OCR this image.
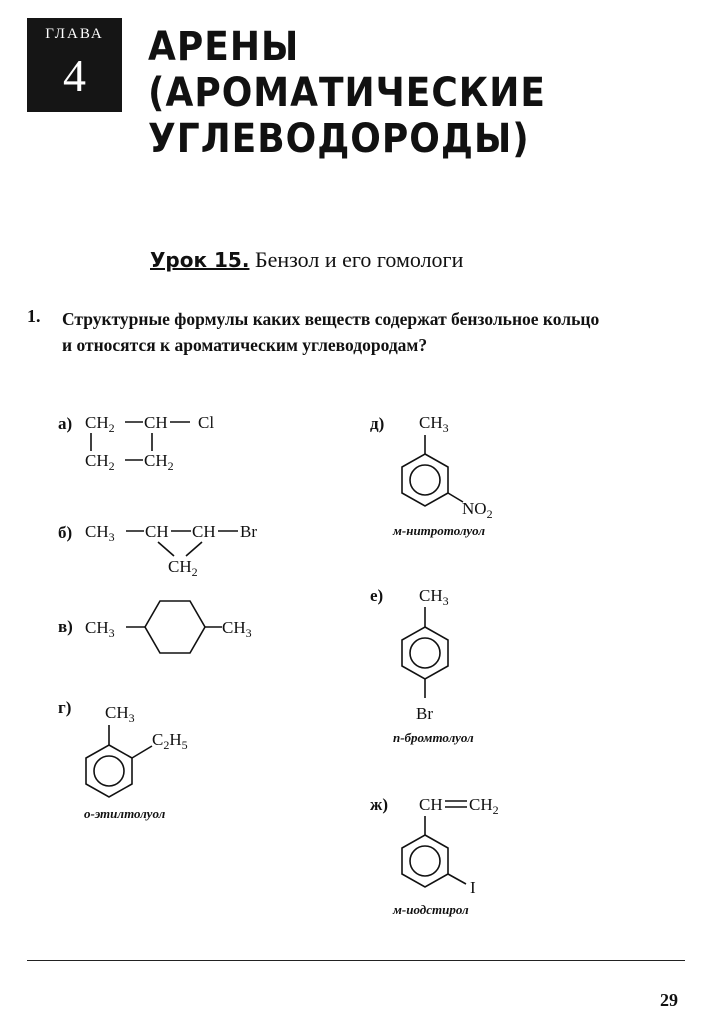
ГЛАВА
4
АРЕНЫ
(АРОМАТИЧЕСКИЕ
УГЛЕВОДОРОДЫ)
Урок 15. Бензол и его гомологи
1. Структурные формулы каких веществ содержат бензольное кольцо
и относятся к ароматическим углеводородам?
а) $CH_2$ CH Cl
$CH_2$ $CH_2$
б) $CH_3$ CH CH Br
$CH_2$
в) $CH_3$	$CH_3$
г) $CH_3$
$C_2H_5$
о-этилтолуол
д) $CH_3$
$NO_2$
м-нитротолуол
е) $CH_3$
Br
п-бромтолуол
ж) CH $CH_2$
I
м-иодстирол
29
